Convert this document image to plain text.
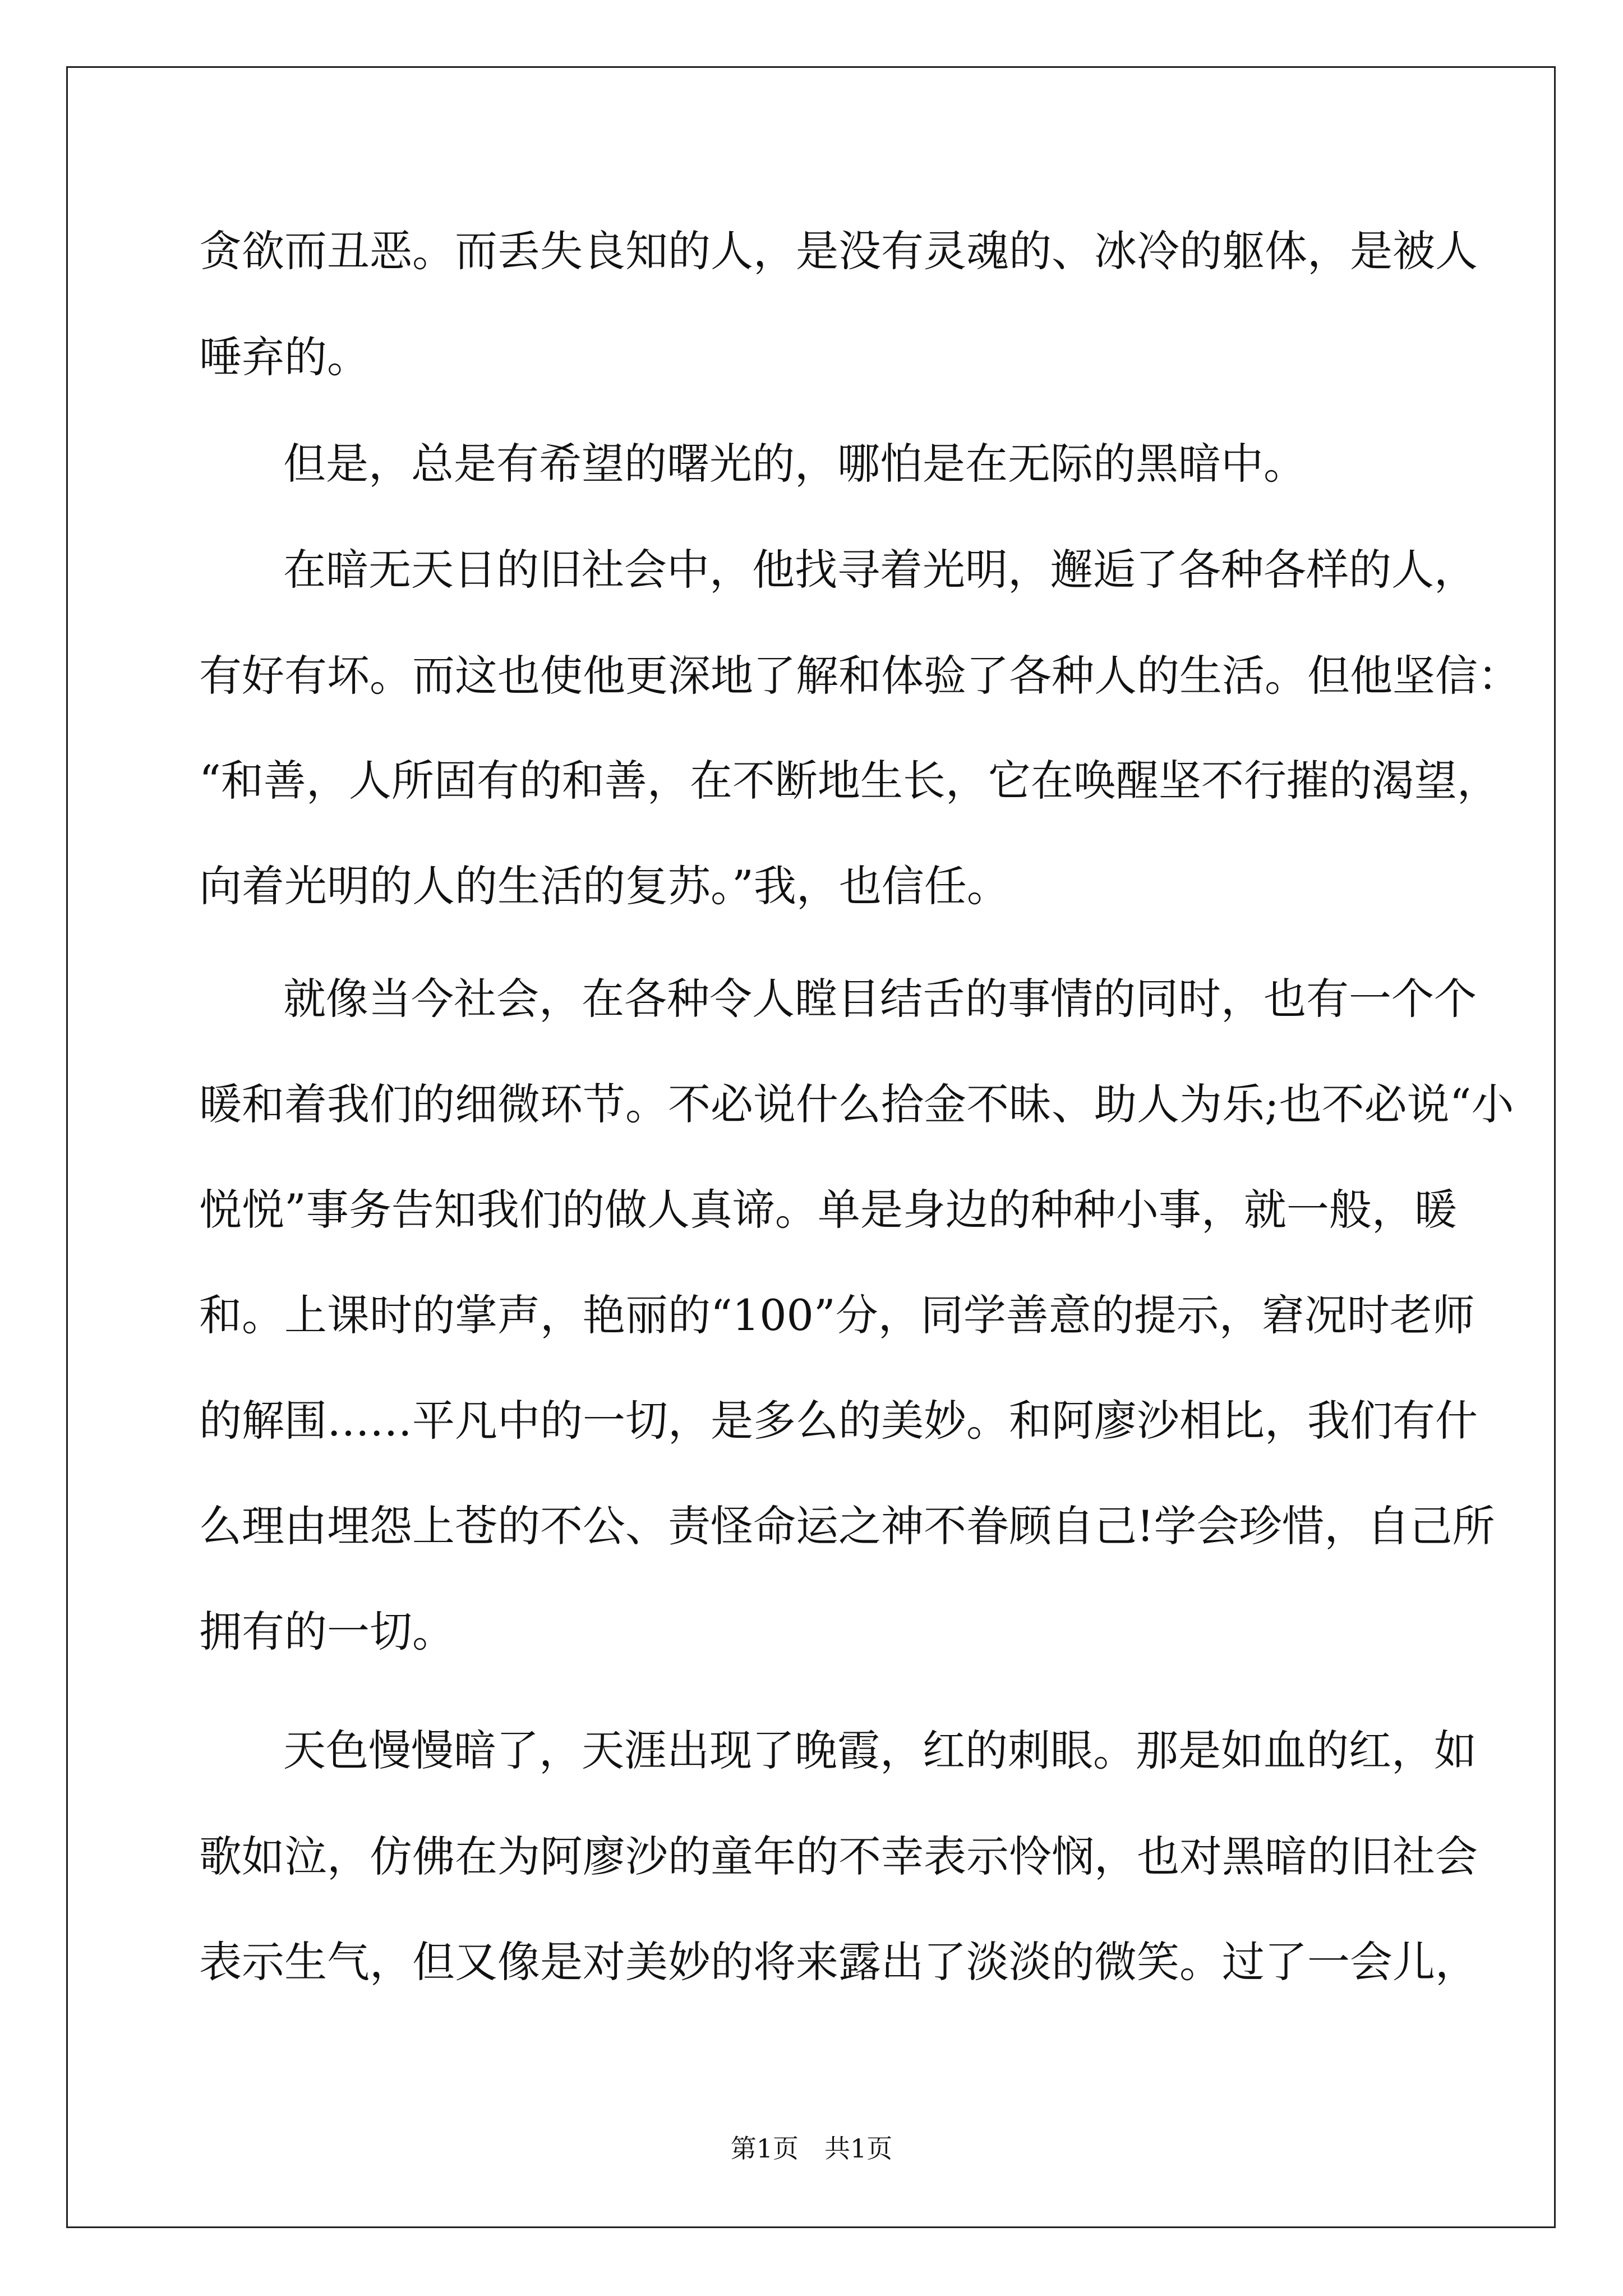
贪欲而丑恶。而丢失良知的人，是没有灵魂的、冰冷的躯体，是被人
唾弃的。
但是，总是有希望的曙光的，哪怕是在无际的黑暗中。
在暗无天日的旧社会中，他找寻着光明，邂逅了各种各样的人，
有好有坏。而这也使他更深地了解和体验了各种人的生活。但他坚信：
“和善，人所固有的和善，在不断地生长，它在唤醒坚不行摧的渴望，
向着光明的人的生活的复苏。”我，也信任。
就像当今社会，在各种令人瞠目结舌的事情的同时，也有一个个
暖和着我们的细微环节。不必说什么拾金不昧、助人为乐;也不必说“小
悦悦”事务告知我们的做人真谛。单是身边的种种小事，就一般，暖
和。上课时的掌声，艳丽的“100”分，同学善意的提示，窘况时老师
的解围……平凡中的一切，是多么的美妙。和阿廖沙相比，我们有什
么理由埋怨上苍的不公、责怪命运之神不眷顾自己!学会珍惜，自己所
拥有的一切。
天色慢慢暗了，天涯出现了晚霞，红的刺眼。那是如血的红，如
歌如泣，仿佛在为阿廖沙的童年的不幸表示怜悯，也对黑暗的旧社会
表示生气，但又像是对美妙的将来露出了淡淡的微笑。过了一会儿，
第1页 共1页
